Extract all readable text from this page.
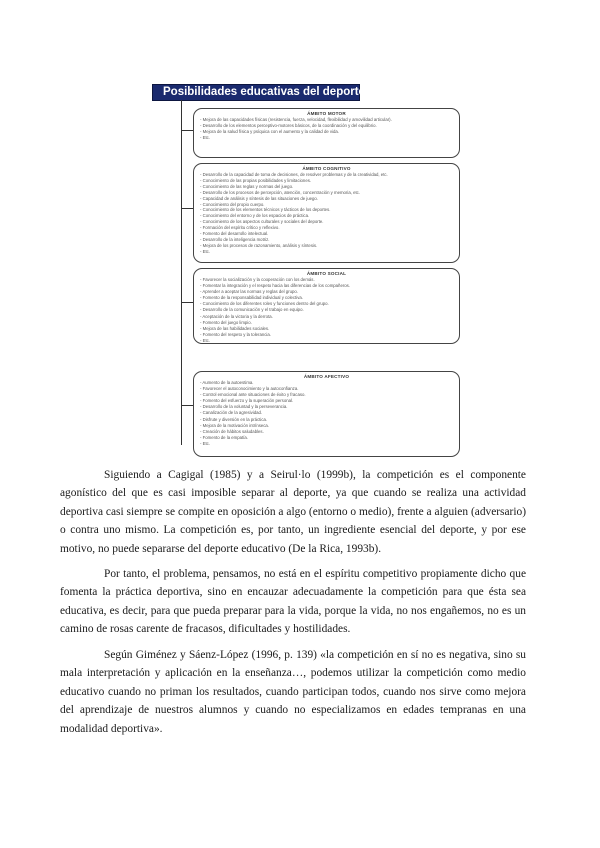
Posibilidades educativas del deporte
ÁMBITO MOTOR
- Mejora de las capacidades físicas (resistencia, fuerza, velocidad, flexibilidad y amovilidad articular).
- Desarrollo de los elementos perceptivo-motores básicos, de la coordinación y del equilibrio.
- Mejora de la salud física y psíquica con el aumento y la calidad de vida.
- Etc.
ÁMBITO COGNITIVO
- Desarrollo de la capacidad de toma de decisiones, de resolver problemas y de la creatividad, etc.
- Conocimiento de las propias posibilidades y limitaciones.
- Conocimiento de las reglas y normas del juego.
- Desarrollo de los procesos de percepción, atención, concentración y memoria, etc.
- Capacidad de análisis y síntesis de las situaciones de juego.
- Conocimiento del propio cuerpo.
- Conocimiento de los elementos técnicos y tácticos de los deportes.
- Conocimiento del entorno y de los espacios de práctica.
- Conocimiento de los aspectos culturales y sociales del deporte.
- Formación del espíritu crítico y reflexivo.
- Fomento del desarrollo intelectual.
- Desarrollo de la inteligencia motriz.
- Mejora de los procesos de razonamiento, análisis y síntesis.
- Etc.
ÁMBITO SOCIAL
- Favorecer la socialización y la cooperación con los demás.
- Fomentar la integración y el respeto hacia las diferencias de los compañeros.
- Aprender a aceptar las normas y reglas del grupo.
- Fomento de la responsabilidad individual y colectiva.
- Conocimiento de los diferentes roles y funciones dentro del grupo.
- Desarrollo de la comunicación y el trabajo en equipo.
- Aceptación de la victoria y la derrota.
- Fomento del juego limpio.
- Mejora de las habilidades sociales.
- Fomento del respeto y la tolerancia.
- Etc.
ÁMBITO AFECTIVO
- Aumento de la autoestima.
- Favorecer el autoconocimiento y la autoconfianza.
- Control emocional ante situaciones de éxito y fracaso.
- Fomento del esfuerzo y la superación personal.
- Desarrollo de la voluntad y la perseverancia.
- Canalización de la agresividad.
- Disfrute y diversión en la práctica.
- Mejora de la motivación intrínseca.
- Creación de hábitos saludables.
- Fomento de la empatía.
- Etc.

Siguiendo a Cagigal (1985) y a Seirul·lo (1999b), la competición es el componente agonístico del que es casi imposible separar al deporte, ya que cuando se realiza una actividad deportiva casi siempre se compite en oposición a algo (entorno o medio), frente a alguien (adversario) o contra uno mismo. La competición es, por tanto, un ingrediente esencial del deporte, y por ese motivo, no puede separarse del deporte educativo (De la Rica, 1993b).

Por tanto, el problema, pensamos, no está en el espíritu competitivo propiamente dicho que fomenta la práctica deportiva, sino en encauzar adecuadamente la competición para que ésta sea educativa, es decir, para que pueda preparar para la vida, porque la vida, no nos engañemos, no es un camino de rosas carente de fracasos, dificultades y hostilidades.

Según Giménez y Sáenz-López (1996, p. 139) «la competición en sí no es negativa, sino su mala interpretación y aplicación en la enseñanza…, podemos utilizar la competición como medio educativo cuando no priman los resultados, cuando participan todos, cuando nos sirve como mejora del aprendizaje de nuestros alumnos y cuando no especializamos en edades tempranas en una modalidad deportiva».
